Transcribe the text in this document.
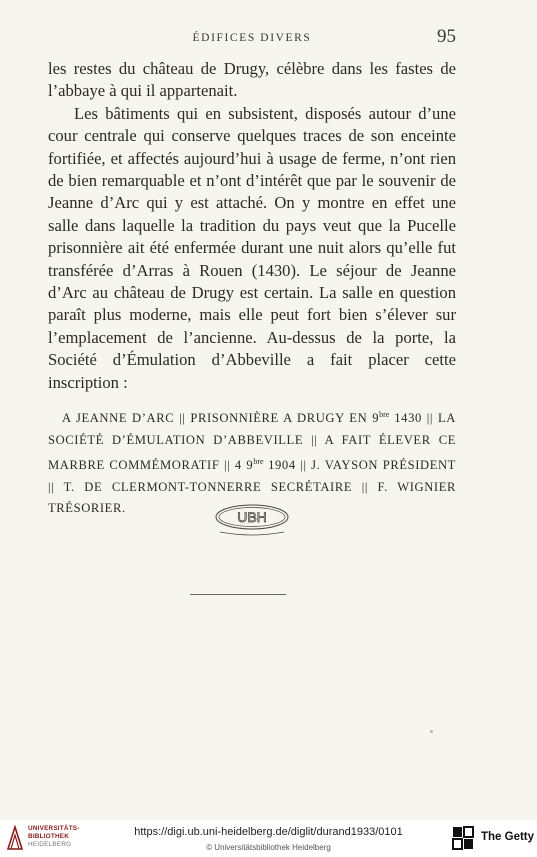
ÉDIFICES DIVERS	95

les restes du château de Drugy, célèbre dans les fastes de l’abbaye à qui il appartenait.

Les bâtiments qui en subsistent, disposés autour d’une cour centrale qui conserve quelques traces de son enceinte fortifiée, et affectés aujourd’hui à usage de ferme, n’ont rien de bien remarquable et n’ont d’intérêt que par le souvenir de Jeanne d’Arc qui y est attaché. On y montre en effet une salle dans laquelle la tradition du pays veut que la Pucelle prisonnière ait été enfermée durant une nuit alors qu’elle fut transférée d’Arras à Rouen (1430). Le séjour de Jeanne d’Arc au château de Drugy est certain. La salle en question paraît plus moderne, mais elle peut fort bien s’élever sur l’emplacement de l’ancienne. Au-dessus de la porte, la Société d’Émulation d’Abbeville a fait placer cette inscription :

A JEANNE D’ARC || PRISONNIÈRE A DRUGY EN $9^{bre}$ 1430 || LA SOCIÉTÉ D’ÉMULATION D’ABBEVILLE || A FAIT ÉLEVER CE MARBRE COMMÉMORATIF || 4 $9^{bre}$ 1904 || J. VAYSON PRÉSIDENT || T. DE CLERMONT-TONNERRE SECRÉTAIRE || F. WIGNIER TRÉSORIER.
UBH
UNIVERSITÄTS-
BIBLIOTHEK
HEIDELBERG
https://digi.ub.uni-heidelberg.de/diglit/durand1933/0101
© Universitätsbibliothek Heidelberg
The Getty
